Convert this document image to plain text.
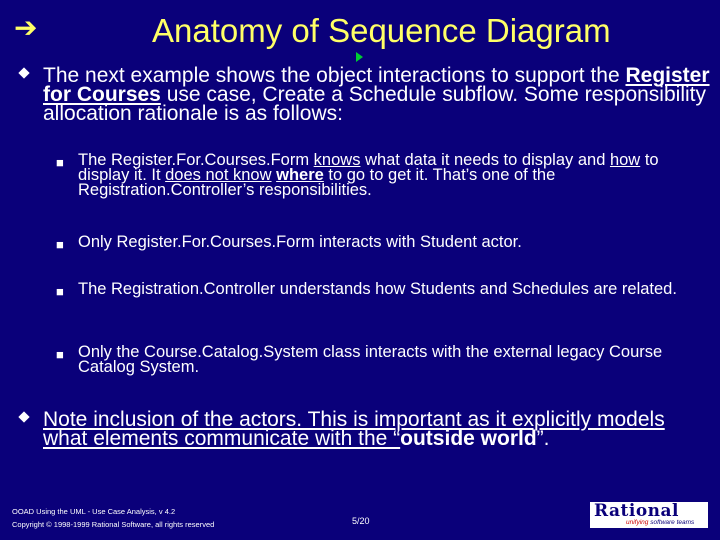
➔	Anatomy of Sequence Diagram
The next example shows the object interactions to support the Register for Courses use case, Create a Schedule subflow. Some responsibility allocation rationale is as follows:
■ The Register.For.Courses.Form knows what data it needs to display and how to display it. It does not know where to go to get it. That’s one of the Registration.Controller’s responsibilities.
■ Only Register.For.Courses.Form interacts with Student actor.
■ The Registration.Controller understands how Students and Schedules are related.
■ Only the Course.Catalog.System class interacts with the external legacy Course Catalog System.
Note inclusion of the actors. This is important as it explicitly models what elements communicate with the “outside world”.
OOAD Using the UML - Use Case Analysis, v 4.2
Copyright © 1998-1999 Rational Software, all rights reserved	5/20	Rational
unifying software teams
